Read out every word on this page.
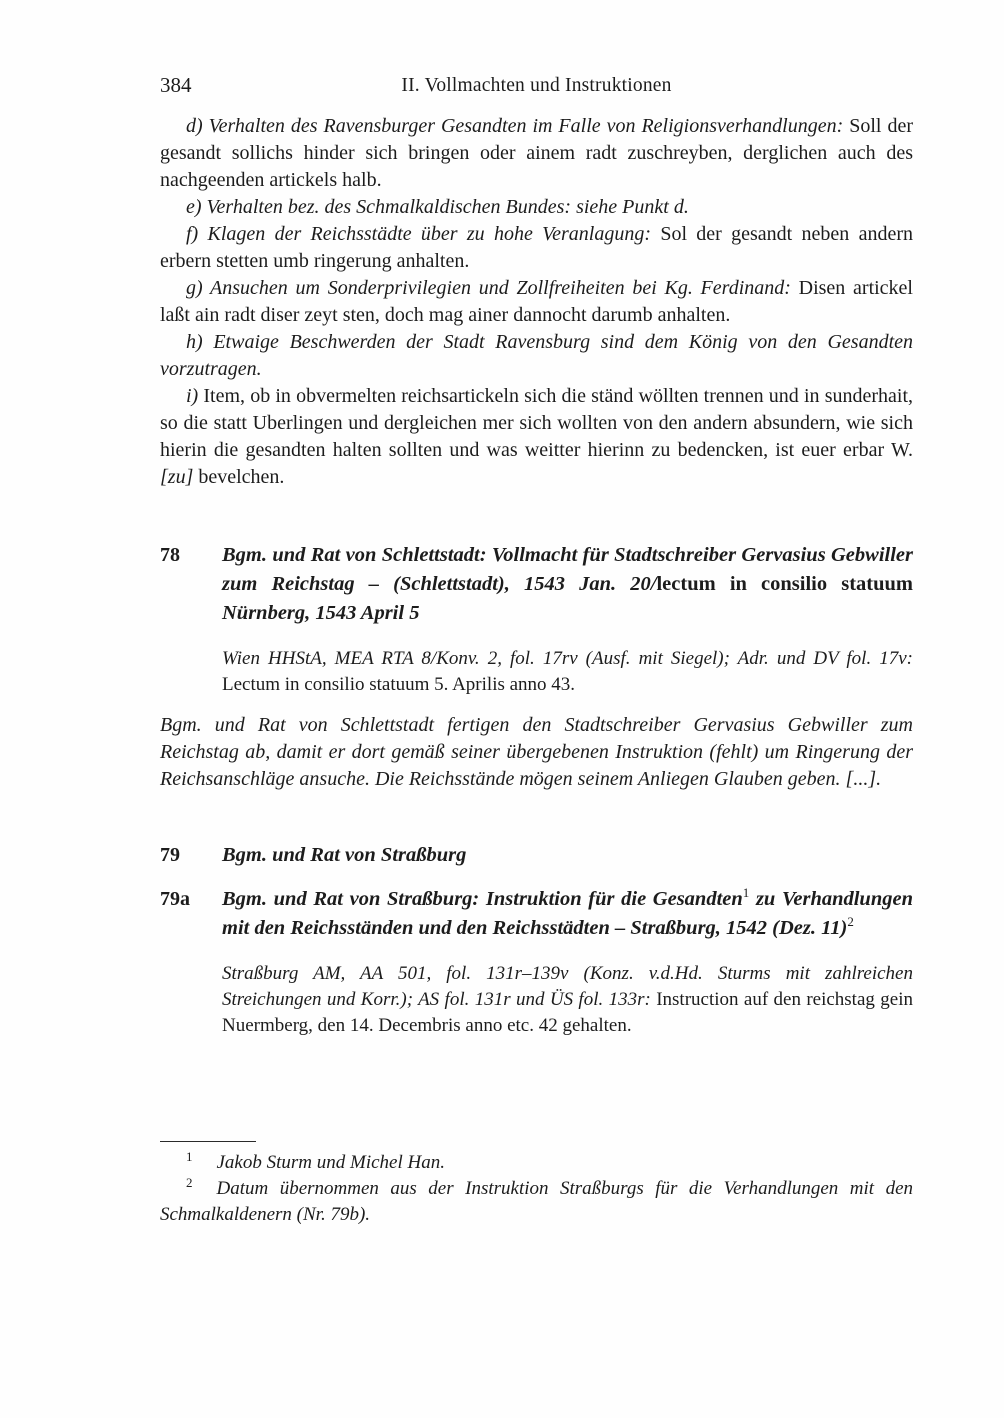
384	II. Vollmachten und Instruktionen

d) Verhalten des Ravensburger Gesandten im Falle von Religionsverhandlungen: Soll der gesandt sollichs hinder sich bringen oder ainem radt zuschreyben, derglichen auch des nachgeenden artickels halb.

e) Verhalten bez. des Schmalkaldischen Bundes: siehe Punkt d.

f) Klagen der Reichsstädte über zu hohe Veranlagung: Sol der gesandt neben andern erbern stetten umb ringerung anhalten.

g) Ansuchen um Sonderprivilegien und Zollfreiheiten bei Kg. Ferdinand: Disen artickel laßt ain radt diser zeyt sten, doch mag ainer dannocht darumb anhalten.

h) Etwaige Beschwerden der Stadt Ravensburg sind dem König von den Gesandten vorzutragen.

i) Item, ob in obvermelten reichsartickeln sich die ständ wöllten trennen und in sunderhait, so die statt Uberlingen und dergleichen mer sich wollten von den andern absundern, wie sich hierin die gesandten halten sollten und was weitter hierinn zu bedencken, ist euer erbar W. [zu] bevelchen.

78	Bgm. und Rat von Schlettstadt: Vollmacht für Stadtschreiber Gervasius Gebwiller zum Reichstag – (Schlettstadt), 1543 Jan. 20/lectum in consilio statuum Nürnberg, 1543 April 5

Wien HHStA, MEA RTA 8/Konv. 2, fol. 17rv (Ausf. mit Siegel); Adr. und DV fol. 17v: Lectum in consilio statuum 5. Aprilis anno 43.

Bgm. und Rat von Schlettstadt fertigen den Stadtschreiber Gervasius Gebwiller zum Reichstag ab, damit er dort gemäß seiner übergebenen Instruktion (fehlt) um Ringerung der Reichsanschläge ansuche. Die Reichsstände mögen seinem Anliegen Glauben geben. [...].

79	Bgm. und Rat von Straßburg

79a	Bgm. und Rat von Straßburg: Instruktion für die Gesandten$^1$ zu Verhandlungen mit den Reichsständen und den Reichsstädten – Straßburg, 1542 (Dez. 11)$^2$

Straßburg AM, AA 501, fol. 131r–139v (Konz. v.d.Hd. Sturms mit zahlreichen Streichungen und Korr.); AS fol. 131r und ÜS fol. 133r: Instruction auf den reichstag gein Nuermberg, den 14. Decembris anno etc. 42 gehalten.

$^1$ Jakob Sturm und Michel Han.

$^2$ Datum übernommen aus der Instruktion Straßburgs für die Verhandlungen mit den Schmalkaldenern (Nr. 79b).
